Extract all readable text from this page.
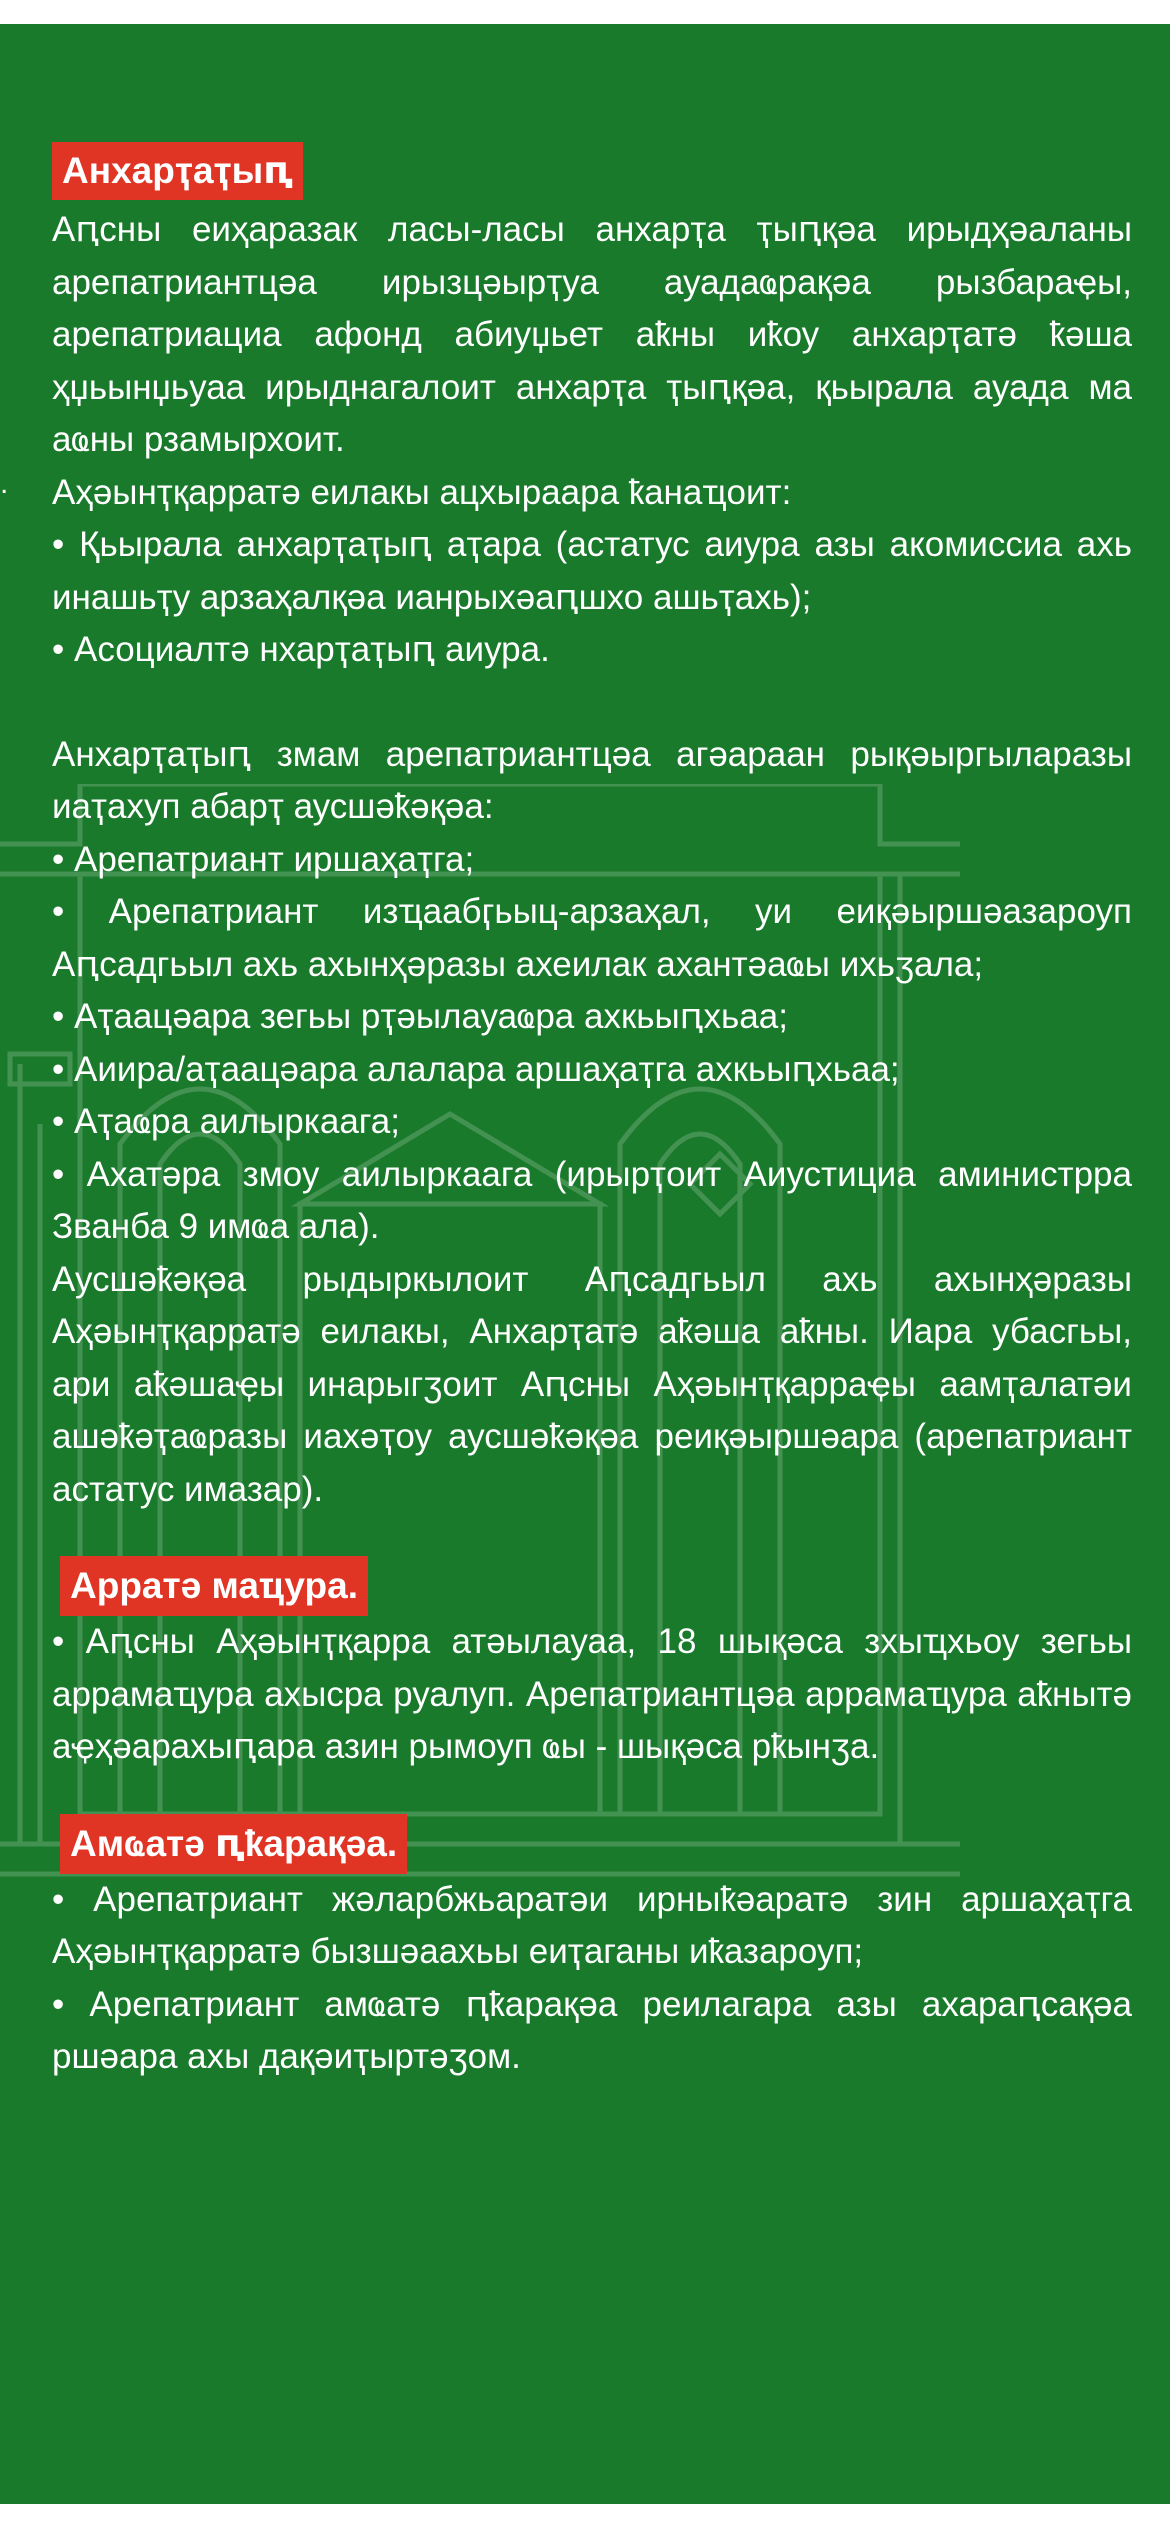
.
Анхарҭаҭыԥ

Аԥсны еиҳаразак ласы-ласы анхарҭа ҭыԥқәа ирыдҳәаланы арепатриантцәа ирызцәырҭуа ауадаҩрақәа рызбараҿы, арепатриациа афонд абиуџьет аҟны иҟоу анхарҭатә ҟәша ҳџьынџьуаа ирыднагалоит анхарҭа ҭыԥқәа, қьырала ауада ма аҩны рзамырхоит.

Аҳәынҭқарратә еилакы ацхыраара ҟанаҵоит:

• Қьырала анхарҭаҭыԥ аҭара (астатус аиура азы акомиссиа ахь инашьҭу арзаҳалқәа ианрыхәаԥшхо ашьҭахь);

• Асоциалтә нхарҭаҭыԥ аиура.

Анхарҭаҭыԥ змам арепатриантцәа агәараан рықәыргыларазы иаҭахуп абарҭ аусшәҟәқәа:

• Арепатриант иршаҳаҭга;

• Арепатриант изҵаабӷьыц-арзаҳал, уи еиқәыршәазароуп Аԥсадгьыл ахь ахынҳәразы ахеилак ахантәаҩы ихьӡала;

• Аҭаацәара зегьы рҭәылауаҩра ахкьыԥхьаа;

• Аиира/аҭаацәара алалара аршаҳаҭга ахкьыԥхьаа;

• Аҭаҩра аилыркаага;

• Ахатәра змоу аилыркаага (ирырҭоит Аиустициа аминистррa Званба 9 имҩа ала).

Аусшәҟәқәа рыдыркылоит Аԥсадгьыл ахь ахынҳәразы Аҳәынҭқарратә еилакы, Анхарҭатә аҟәша аҟны. Иара убасгьы, ари аҟәшаҿы инарыгӡоит Аԥсны Аҳәынҭқарраҿы аамҭалатәи ашәҟәҭаҩразы иахәҭоу аусшәҟәқәа реиқәыршәара (арепатриант астатус имазар).

Арратә маҵура.

• Аԥсны Аҳәынҭқарра атәылауаа, 18 шықәса зхыҵхьоу зегьы аррамаҵура ахысра руалуп. Арепатриантцәа аррамаҵура аҟнытә аҿҳәарахыԥара азин рымоуп ҩы - шықәса рҟынӡа.

Амҩатә ԥҟарақәа.

• Арепатриант жәларбжьаратәи ирныҟәаратә зин аршаҳаҭга Аҳәынҭқарратә бызшәаахьы еиҭаганы иҟазароуп;

• Арепатриант амҩатә ԥҟарақәа реилагара азы ахараԥсақәа ршәара ахы дақәиҭыртәӡом.
